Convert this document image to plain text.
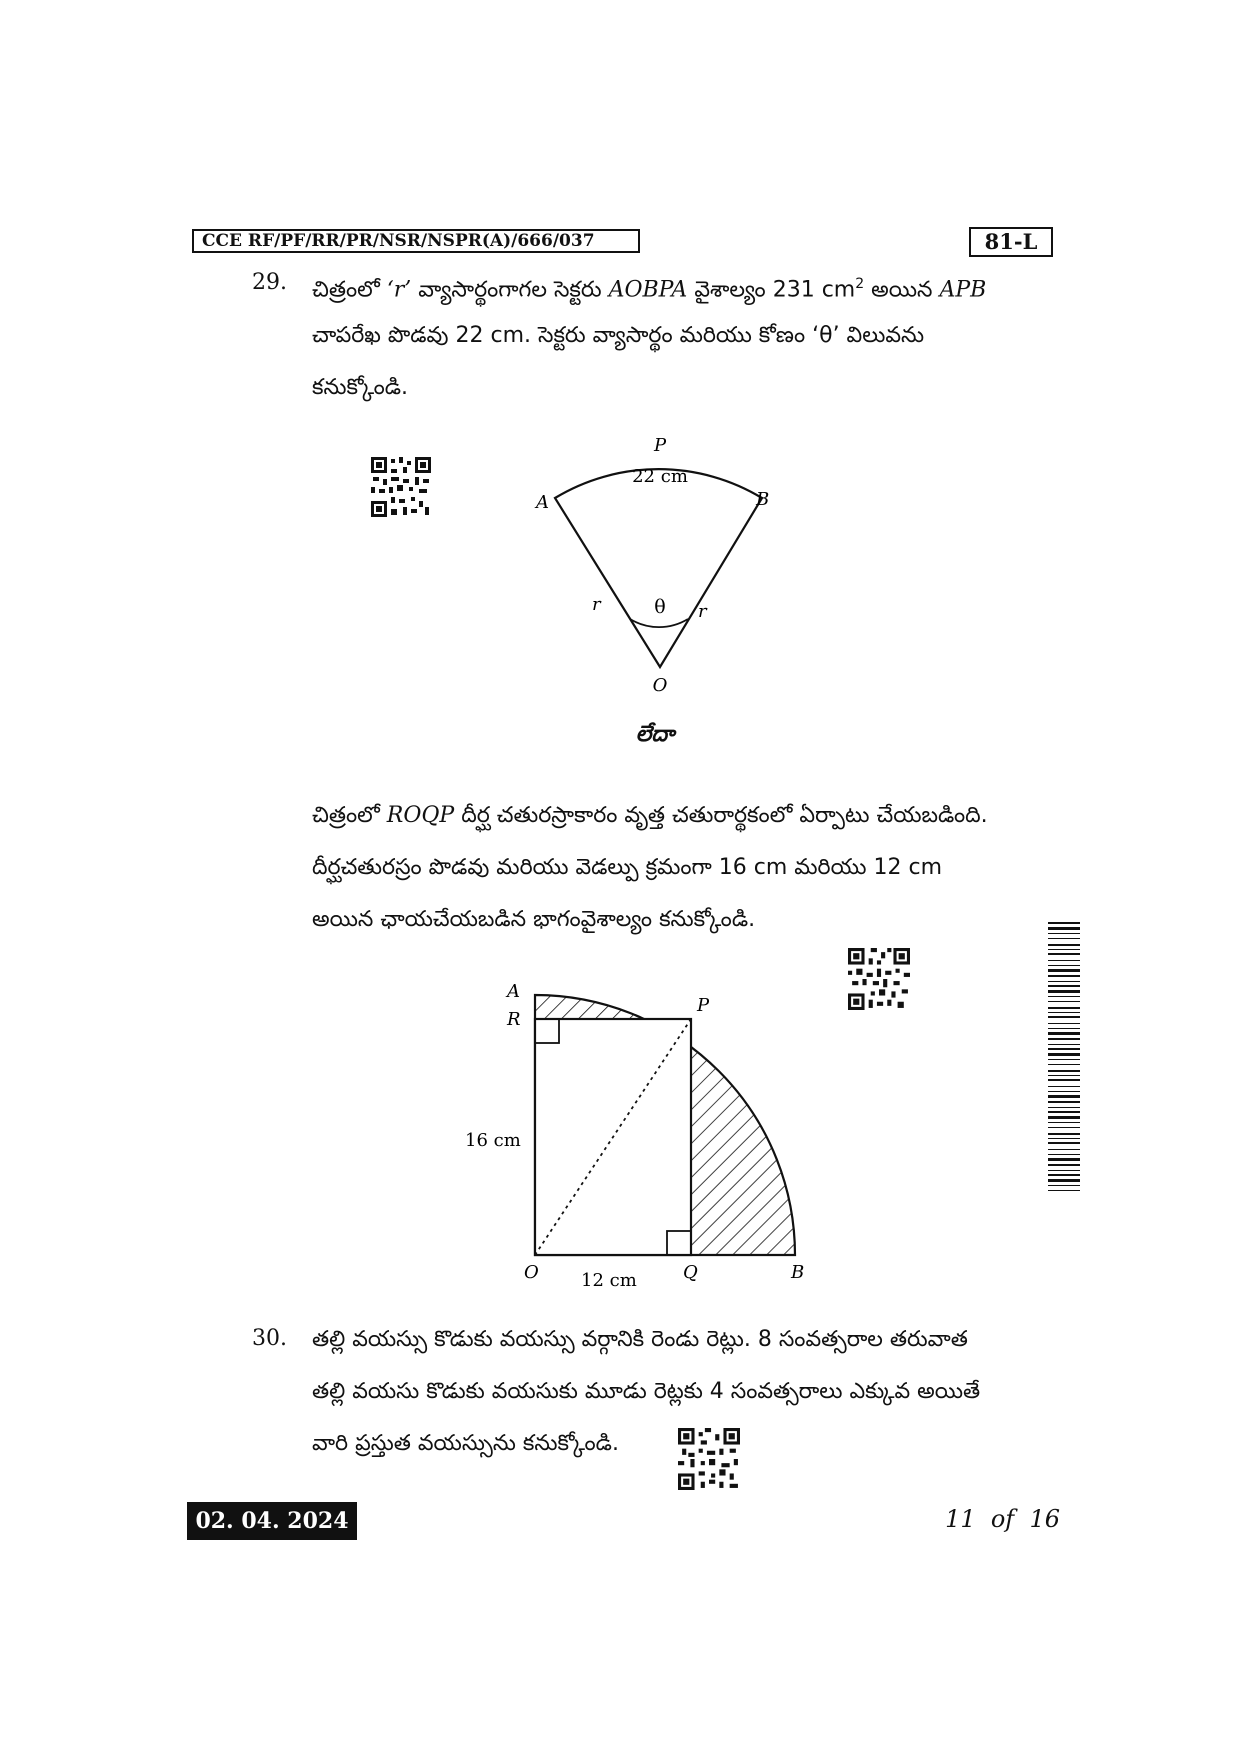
CCE RF/PF/RR/PR/NSR/NSPR(A)/666/037	81-L
29. చిత్రంలో ‘r’ వ్యాసార్థంగాగల సెక్టరు AOBPA వైశాల్యం 231 $cm^2$ అయిన APB
చాపరేఖ పొడవు 22 cm. సెక్టరు వ్యాసార్థం మరియు కోణం ‘θ’ విలువను
కనుక్కోండి.
P
22 cm
A	B
r	r
θ
O
లేదా
చిత్రంలో ROQP దీర్ఘ చతురస్రాకారం వృత్త చతురార్థకంలో ఏర్పాటు చేయబడింది.
దీర్ఘచతురస్రం పొడవు మరియు వెడల్పు క్రమంగా 16 cm మరియు 12 cm
అయిన ఛాయచేయబడిన భాగంవైశాల్యం కనుక్కోండి.
A
R
P
16 cm
O 12 cm	Q	B
30. తల్లి వయస్సు కొడుకు వయస్సు వర్గానికి రెండు రెట్లు. 8 సంవత్సరాల తరువాత
తల్లి వయసు కొడుకు వయసుకు మూడు రెట్లకు 4 సంవత్సరాలు ఎక్కువ అయితే
వారి ప్రస్తుత వయస్సును కనుక్కోండి.
02. 04. 2024	11  of  16
